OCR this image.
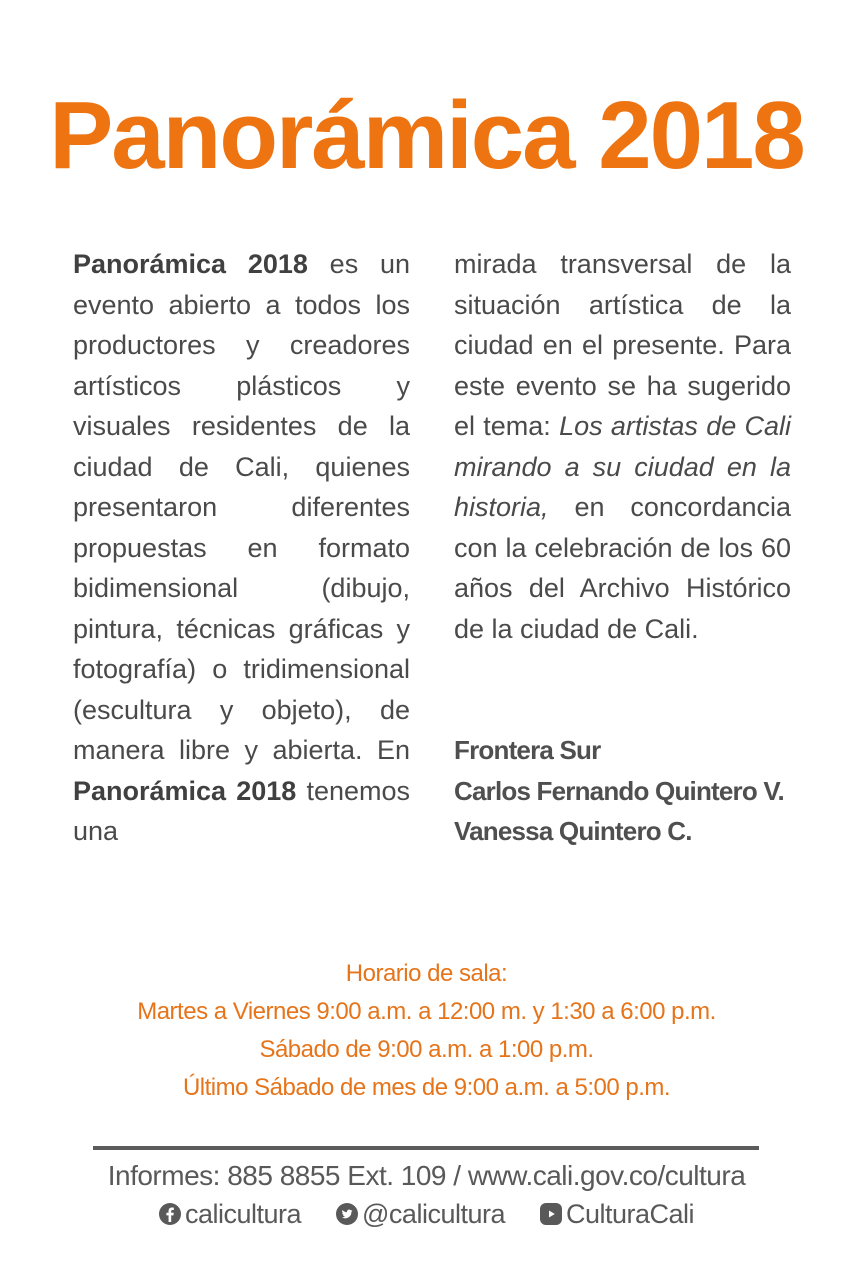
Panorámica 2018
Panorámica 2018 es un evento abierto a todos los productores y creadores artísticos plásticos y visuales residentes de la ciudad de Cali, quienes presentaron diferentes propuestas en formato bidimensional (dibujo, pintura, técnicas gráficas y fotografía) o tridimensional (escultura y objeto), de manera libre y abierta. En Panorámica 2018 tenemos una
mirada transversal de la situación artística de la ciudad en el presente. Para este evento se ha sugerido el tema: Los artistas de Cali mirando a su ciudad en la historia, en concordancia con la celebración de los 60 años del Archivo Histórico de la ciudad de Cali.
Frontera Sur
Carlos Fernando Quintero V.
Vanessa Quintero C.
Horario de sala:
Martes a Viernes 9:00 a.m. a 12:00 m. y 1:30 a 6:00 p.m.
Sábado de 9:00 a.m. a 1:00 p.m.
Último Sábado de mes de 9:00 a.m. a 5:00 p.m.
Informes: 885 8855 Ext. 109 / www.cali.gov.co/cultura
calicultura @calicultura CulturaCali
